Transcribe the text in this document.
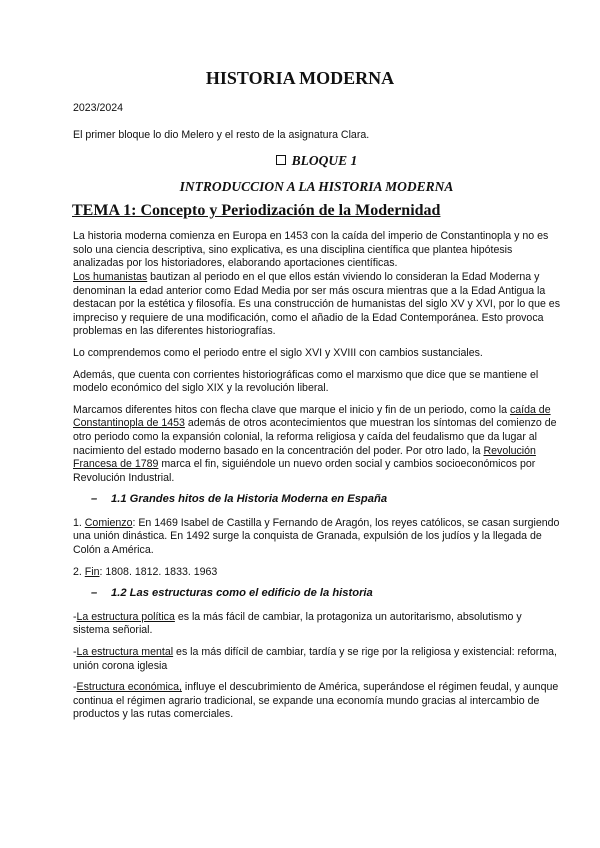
HISTORIA MODERNA

2023/2024

El primer bloque lo dio Melero y el resto de la asignatura Clara.

BLOQUE 1
INTRODUCCION A LA HISTORIA MODERNA
TEMA 1: Concepto y Periodización de la Modernidad

La historia moderna comienza en Europa en 1453 con la caída del imperio de Constantinopla y no es solo una ciencia descriptiva, sino explicativa, es una disciplina científica que plantea hipótesis analizadas por los historiadores, elaborando aportaciones científicas.

Los humanistas bautizan al periodo en el que ellos están viviendo lo consideran la Edad Moderna y denominan la edad anterior como Edad Media por ser más oscura mientras que a la Edad Antigua la destacan por la estética y filosofía. Es una construcción de humanistas del siglo XV y XVI, por lo que es impreciso y requiere de una modificación, como el añadio de la Edad Contemporánea. Esto provoca problemas en las diferentes historiografías.

Lo comprendemos como el periodo entre el siglo XVI y XVIII con cambios sustanciales.

Además, que cuenta con corrientes historiográficas como el marxismo que dice que se mantiene el modelo económico del siglo XIX y la revolución liberal.

Marcamos diferentes hitos con flecha clave que marque el inicio y fin de un periodo, como la caída de Constantinopla de 1453 además de otros acontecimientos que muestran los síntomas del comienzo de otro periodo como la expansión colonial, la reforma religiosa y caída del feudalismo que da lugar al nacimiento del estado moderno basado en la concentración del poder. Por otro lado, la Revolución Francesa de 1789 marca el fin, siguiéndole un nuevo orden social y cambios socioeconómicos por Revolución Industrial.

– 1.1 Grandes hitos de la Historia Moderna en España

1. Comienzo: En 1469 Isabel de Castilla y Fernando de Aragón, los reyes católicos, se casan surgiendo una unión dinástica. En 1492 surge la conquista de Granada, expulsión de los judíos y la llegada de Colón a América.

2. Fin: 1808. 1812. 1833. 1963

– 1.2 Las estructuras como el edificio de la historia

-La estructura política es la más fácil de cambiar, la protagoniza un autoritarismo, absolutismo y sistema señorial.

-La estructura mental es la más difícil de cambiar, tardía y se rige por la religiosa y existencial: reforma, unión corona iglesia

-Estructura económica, influye el descubrimiento de América, superándose el régimen feudal, y aunque continua el régimen agrario tradicional, se expande una economía mundo gracias al intercambio de productos y las rutas comerciales.
